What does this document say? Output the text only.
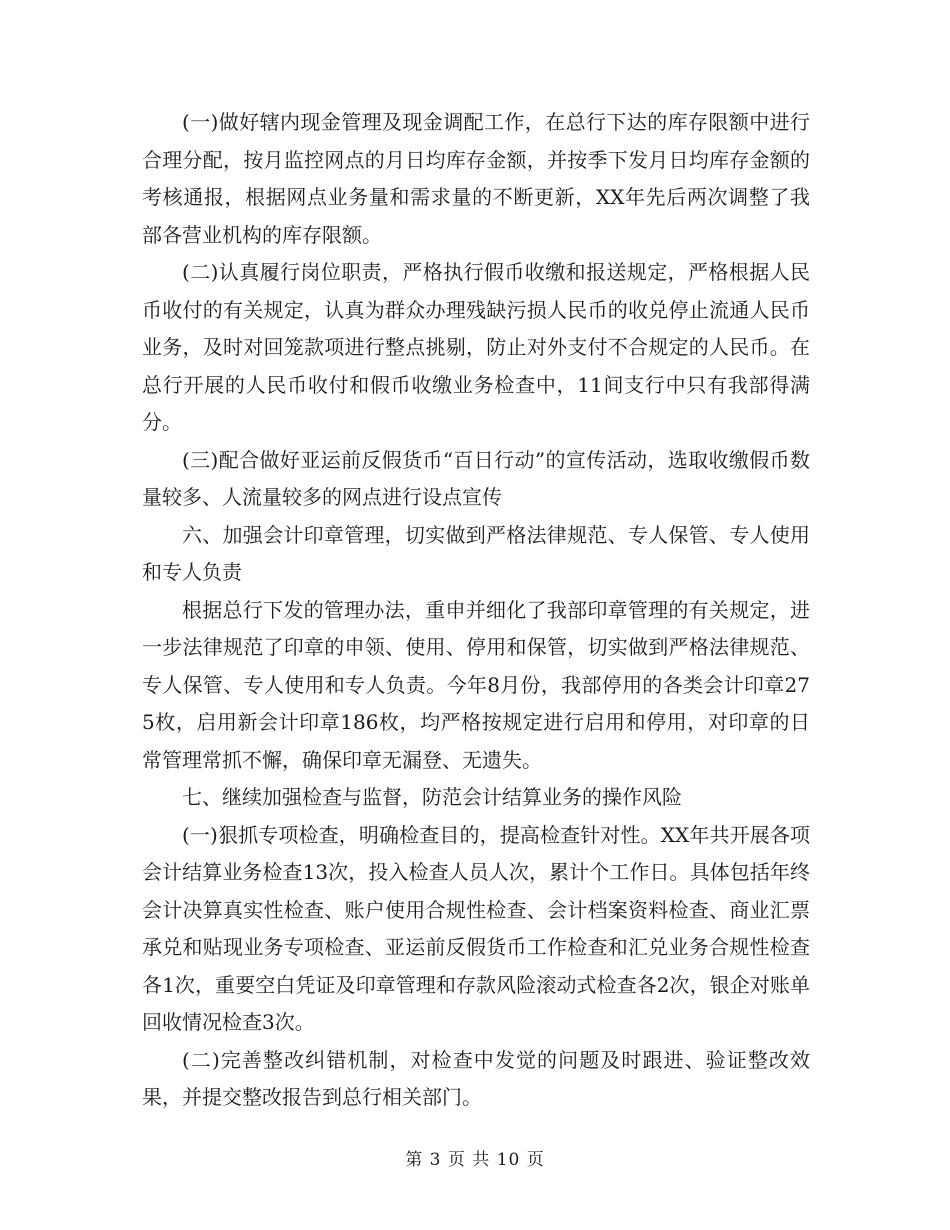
(一)做好辖内现金管理及现金调配工作，在总行下达的库存限额中进行合理分配，按月监控网点的月日均库存金额，并按季下发月日均库存金额的考核通报，根据网点业务量和需求量的不断更新，XX年先后两次调整了我部各营业机构的库存限额。

(二)认真履行岗位职责，严格执行假币收缴和报送规定，严格根据人民币收付的有关规定，认真为群众办理残缺污损人民币的收兑停止流通人民币业务，及时对回笼款项进行整点挑剔，防止对外支付不合规定的人民币。在总行开展的人民币收付和假币收缴业务检查中，11间支行中只有我部得满分。

(三)配合做好亚运前反假货币“百日行动”的宣传活动，选取收缴假币数量较多、人流量较多的网点进行设点宣传

六、加强会计印章管理，切实做到严格法律规范、专人保管、专人使用和专人负责

根据总行下发的管理办法，重申并细化了我部印章管理的有关规定，进一步法律规范了印章的申领、使用、停用和保管，切实做到严格法律规范、专人保管、专人使用和专人负责。今年8月份，我部停用的各类会计印章275枚，启用新会计印章186枚，均严格按规定进行启用和停用，对印章的日常管理常抓不懈，确保印章无漏登、无遗失。

七、继续加强检查与监督，防范会计结算业务的操作风险

(一)狠抓专项检查，明确检查目的，提高检查针对性。XX年共开展各项会计结算业务检查13次，投入检查人员人次，累计个工作日。具体包括年终会计决算真实性检查、账户使用合规性检查、会计档案资料检查、商业汇票承兑和贴现业务专项检查、亚运前反假货币工作检查和汇兑业务合规性检查各1次，重要空白凭证及印章管理和存款风险滚动式检查各2次，银企对账单回收情况检查3次。

(二)完善整改纠错机制，对检查中发觉的问题及时跟进、验证整改效果，并提交整改报告到总行相关部门。

第 3 页 共 10 页
